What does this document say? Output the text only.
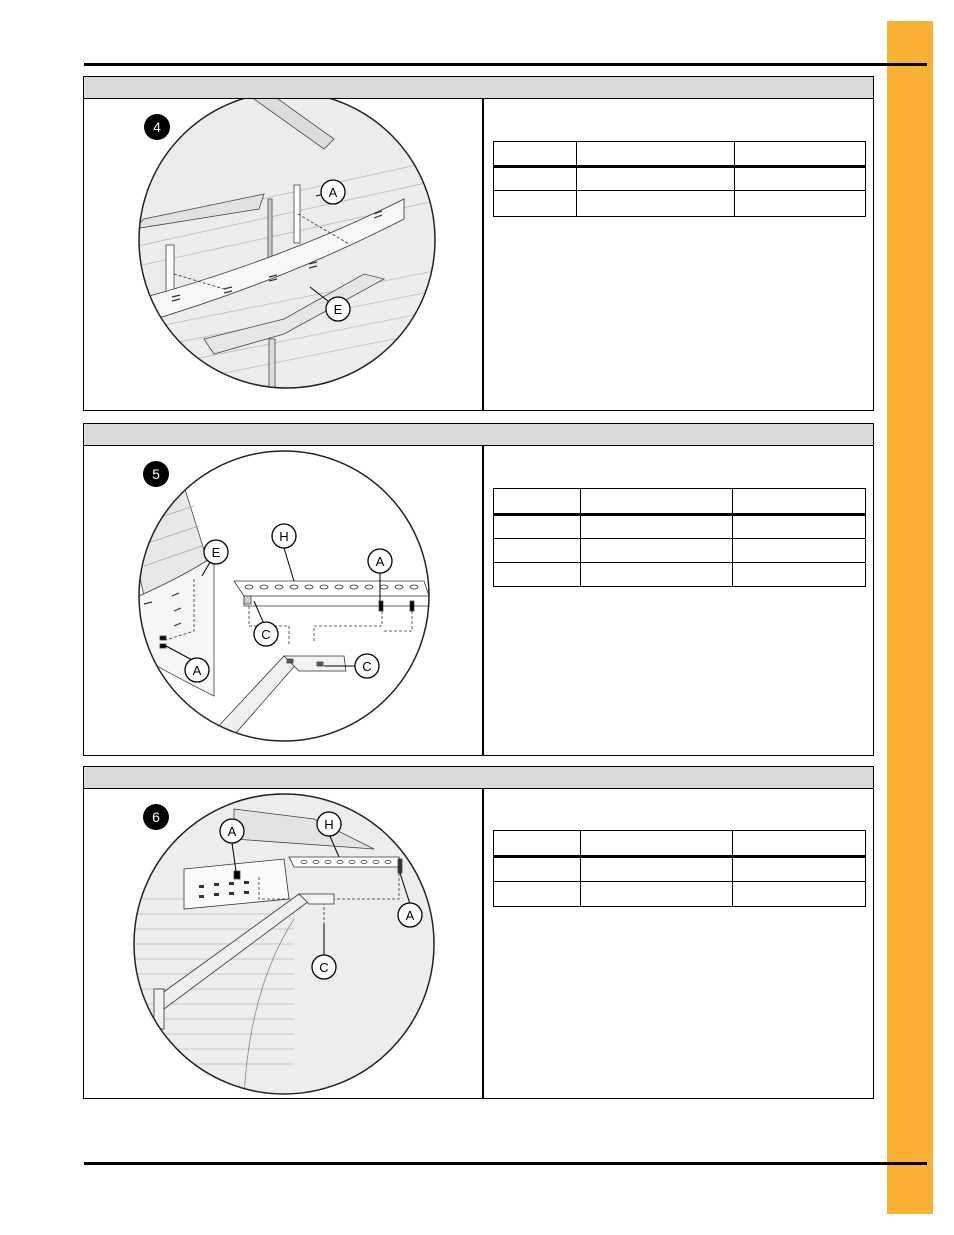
4
A
E
5
E
H
A
C
C
A
6
A	H
A
C
